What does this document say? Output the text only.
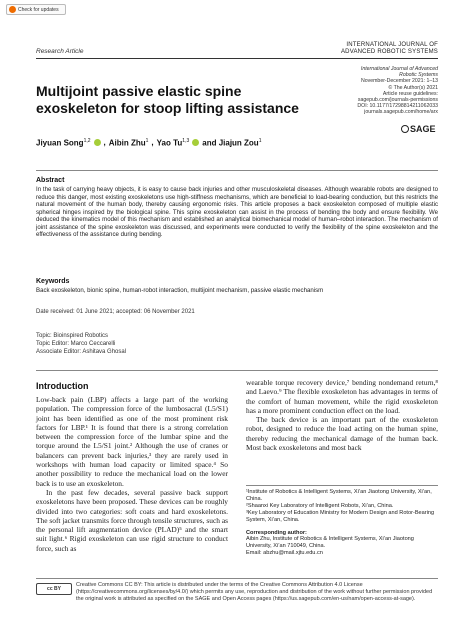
Check for updates
Research Article
INTERNATIONAL JOURNAL OF
ADVANCED ROBOTIC SYSTEMS
Multijoint passive elastic spine exoskeleton for stoop lifting assistance
International Journal of Advanced
Robotic Systems
November-December 2021: 1–13
© The Author(s) 2021
Article reuse guidelines:
sagepub.com/journals-permissions
DOI: 10.1177/17298814211062033
journals.sagepub.com/home/arx
SAGE
Jiyuan Song$^{1,2}$ , Aibin Zhu$^1$ , Yao Tu$^{1,3}$ and Jiajun Zou$^1$
Abstract
In the task of carrying heavy objects, it is easy to cause back injuries and other musculoskeletal diseases. Although wearable robots are designed to reduce this danger, most existing exoskeletons use high-stiffness mechanisms, which are beneficial to load-bearing conduction, but this restricts the natural movement of the human body, thereby causing ergonomic risks. This article proposes a back exoskeleton composed of multiple elastic spherical hinges inspired by the biological spine. This spine exoskeleton can assist in the process of bending the body and ensure flexibility. We deduced the kinematics model of this mechanism and established an analytical biomechanical model of human–robot interaction. The mechanism of joint assistance of the spine exoskeleton was discussed, and experiments were conducted to verify the flexibility of the spine exoskeleton and the effectiveness of the assistance during bending.
Keywords
Back exoskeleton, bionic spine, human-robot interaction, multijoint mechanism, passive elastic mechanism
Date received: 01 June 2021; accepted: 06 November 2021
Topic: Bioinspired Robotics
Topic Editor: Marco Ceccarelli
Associate Editor: Ashitava Ghosal
Introduction
Low-back pain (LBP) affects a large part of the working population. The compression force of the lumbosacral (L5/S1) joint has been identified as one of the most prominent risk factors for LBP.¹ It is found that there is a strong correlation between the compression force of the lumbar spine and the torque around the L5/S1 joint.² Although the use of cranes or balancers can prevent back injuries,³ they are rarely used in workshops with human load capacity or limited space.⁴ So another possibility to reduce the mechanical load on the lower back is to use an exoskeleton.
In the past few decades, several passive back support exoskeletons have been proposed. These devices can be roughly divided into two categories: soft coats and hard exoskeletons. The soft jacket transmits force through tensile structures, such as the personal lift augmentation device (PLAD)⁵ and the smart suit light.⁶ Rigid exoskeleton can use rigid structure to conduct force, such as
wearable torque recovery device,⁷ bending nondemand return,⁸ and Laevo.⁹ The flexible exoskeleton has advantages in terms of the comfort of human movement, while the rigid exoskeleton has a more prominent conduction effect on the load.
The back device is an important part of the exoskeleton robot, designed to reduce the load acting on the human spine, thereby reducing the mechanical damage of the human back. Most back exoskeletons and most back
¹Institute of Robotics & Intelligent Systems, Xi’an Jiaotong University, Xi’an, China.
²Shaanxi Key Laboratory of Intelligent Robots, Xi’an, China.
³Key Laboratory of Education Ministry for Modern Design and Rotor-Bearing System, Xi’an, China.
Corresponding author:
Aibin Zhu, Institute of Robotics & Intelligent Systems, Xi’an Jiaotong University, Xi’an 710049, China.
Email: abzhu@mail.xjtu.edu.cn
cc BY
Creative Commons CC BY: This article is distributed under the terms of the Creative Commons Attribution 4.0 License (https://creativecommons.org/licenses/by/4.0/) which permits any use, reproduction and distribution of the work without further permission provided the original work is attributed as specified on the SAGE and Open Access pages (https://us.sagepub.com/en-us/nam/open-access-at-sage).
